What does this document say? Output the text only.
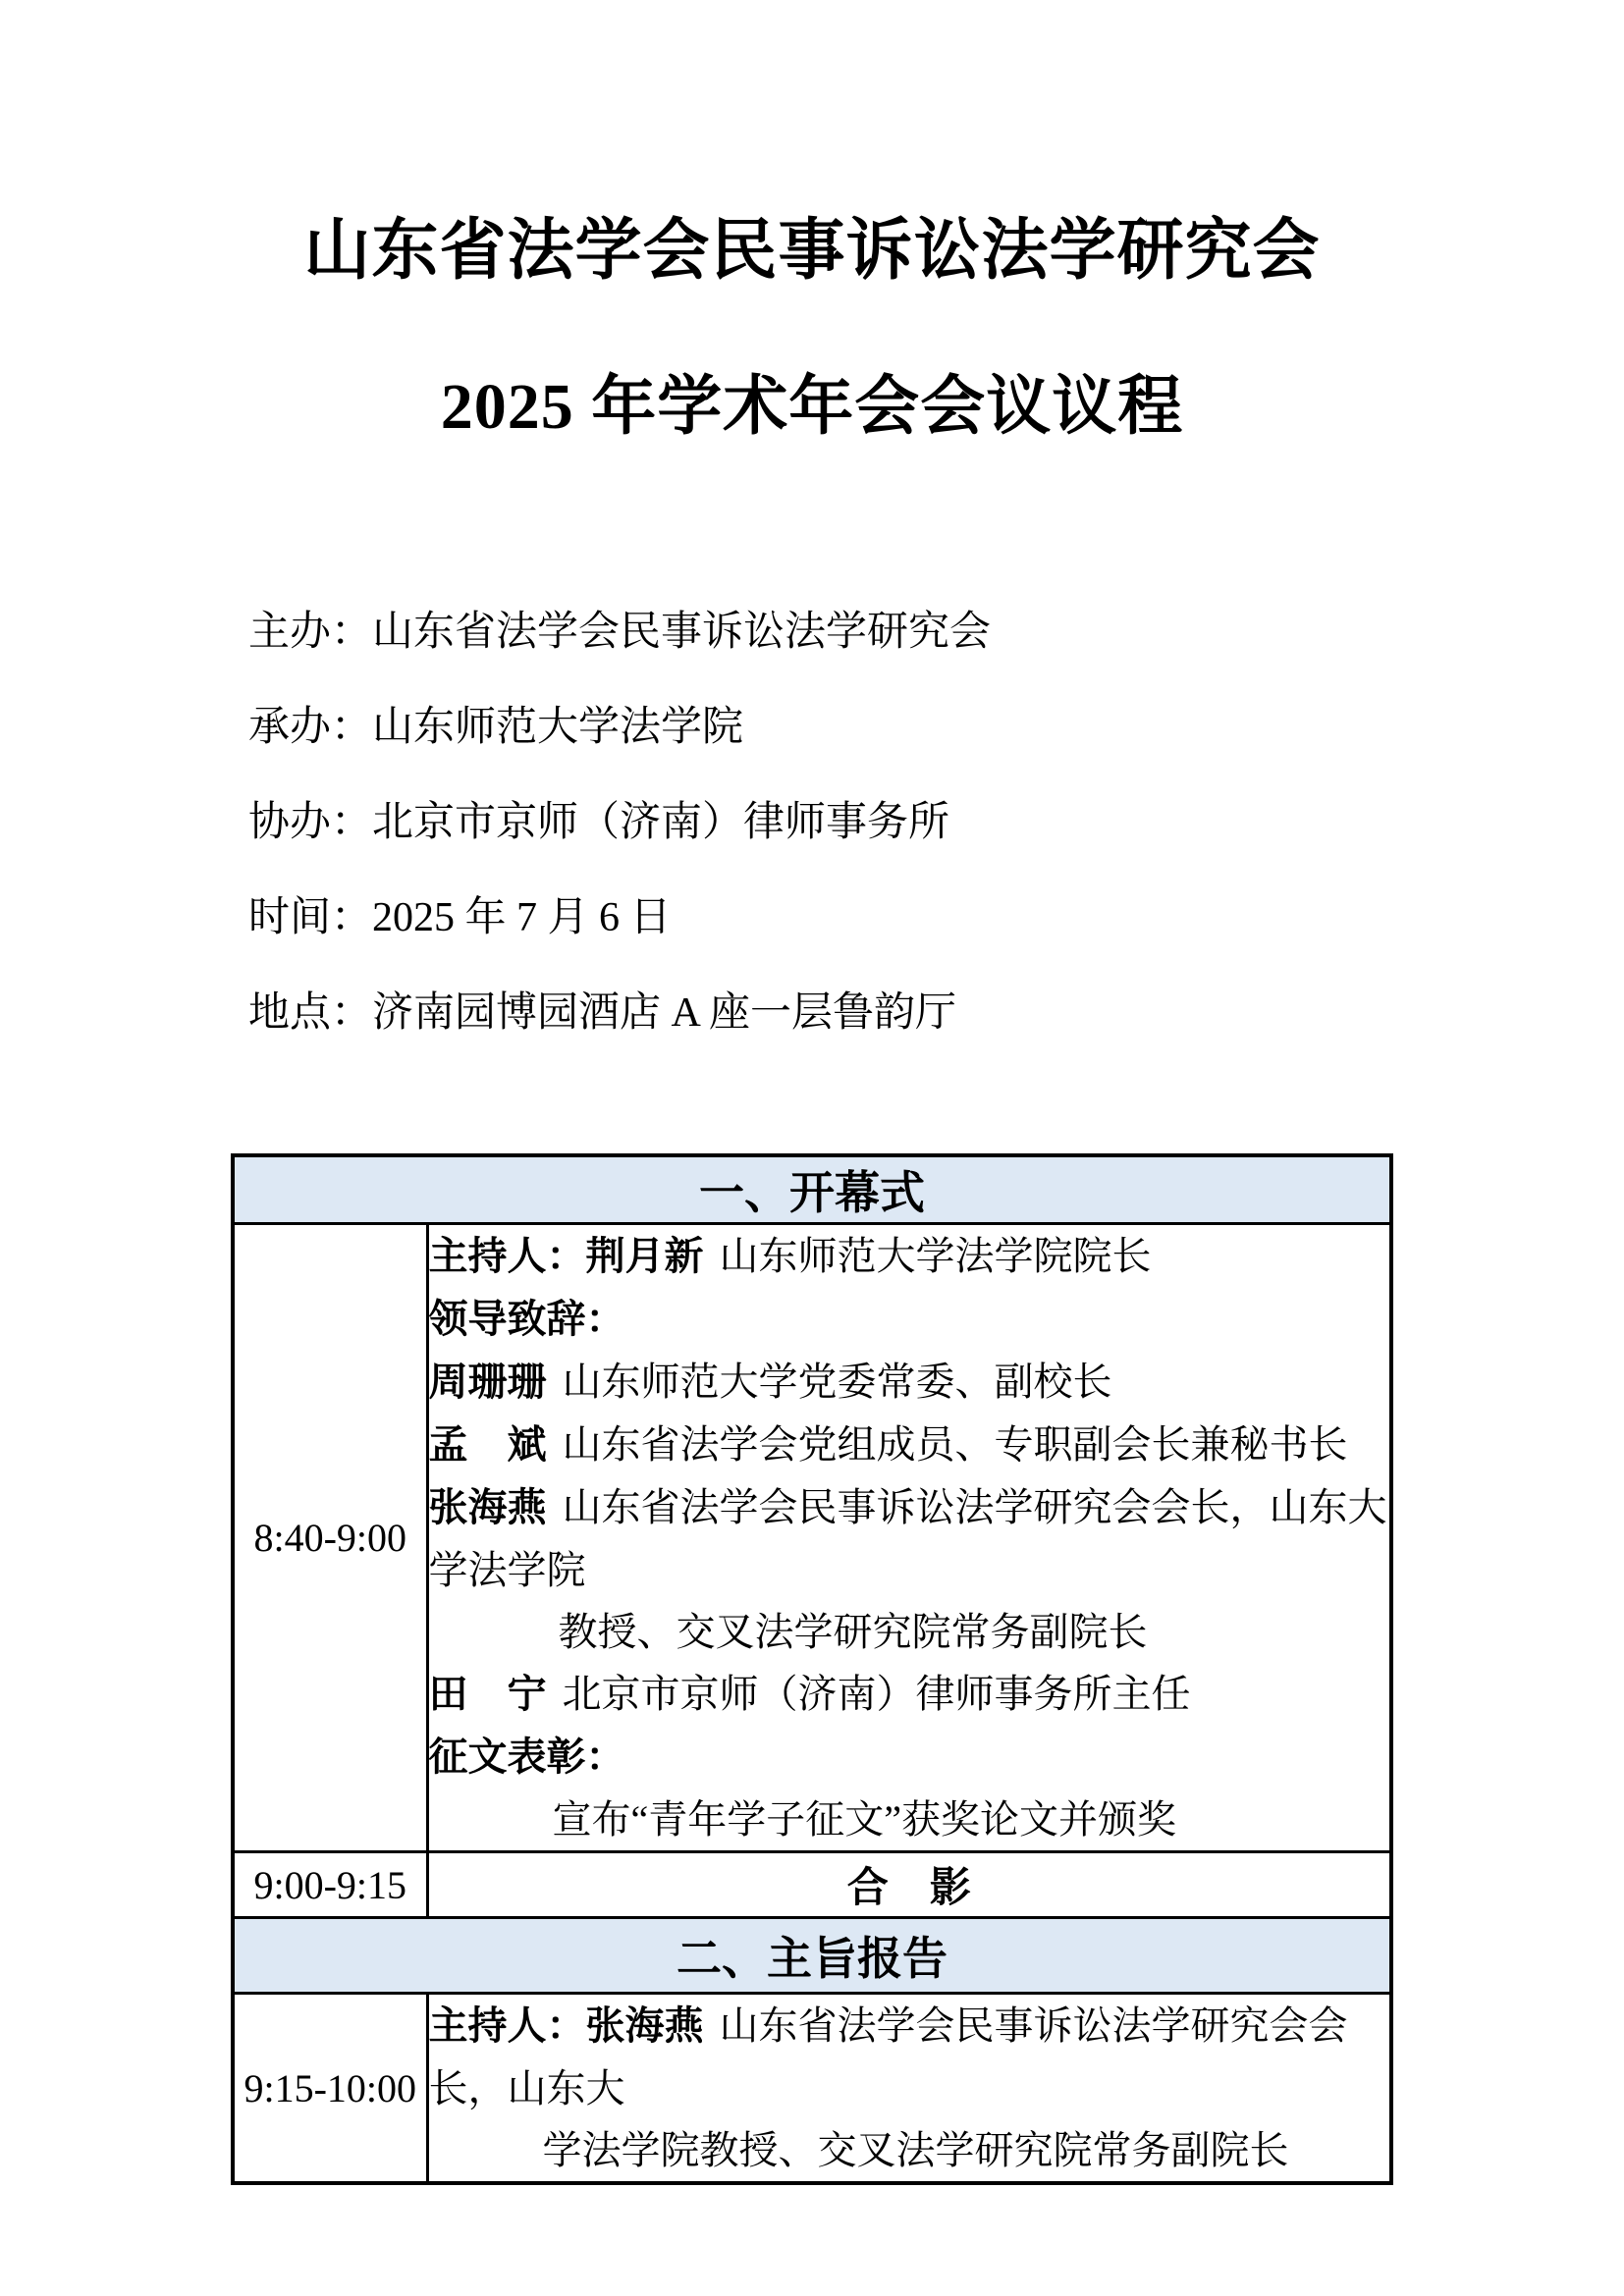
山东省法学会民事诉讼法学研究会
2025 年学术年会会议议程
主办：山东省法学会民事诉讼法学研究会
承办：山东师范大学法学院
协办：北京市京师（济南）律师事务所
时间：2025 年 7 月 6 日
地点：济南园博园酒店 A 座一层鲁韵厅
一、开幕式	
8:40-9:00	
主持人：荆月新 山东师范大学法学院院长
领导致辞：
周珊珊 山东师范大学党委常委、副校长
孟　斌 山东省法学会党组成员、专职副会长兼秘书长
张海燕 山东省法学会民事诉讼法学研究会会长，山东大学法学院
教授、交叉法学研究院常务副院长
田　宁 北京市京师（济南）律师事务所主任
征文表彰：
宣布“青年学子征文”获奖论文并颁奖

9:00-9:15	合　影
二、主旨报告	
9:15-10:00	主持人：张海燕 山东省法学会民事诉讼法学研究会会长，山东大
学法学院教授、交叉法学研究院常务副院长
